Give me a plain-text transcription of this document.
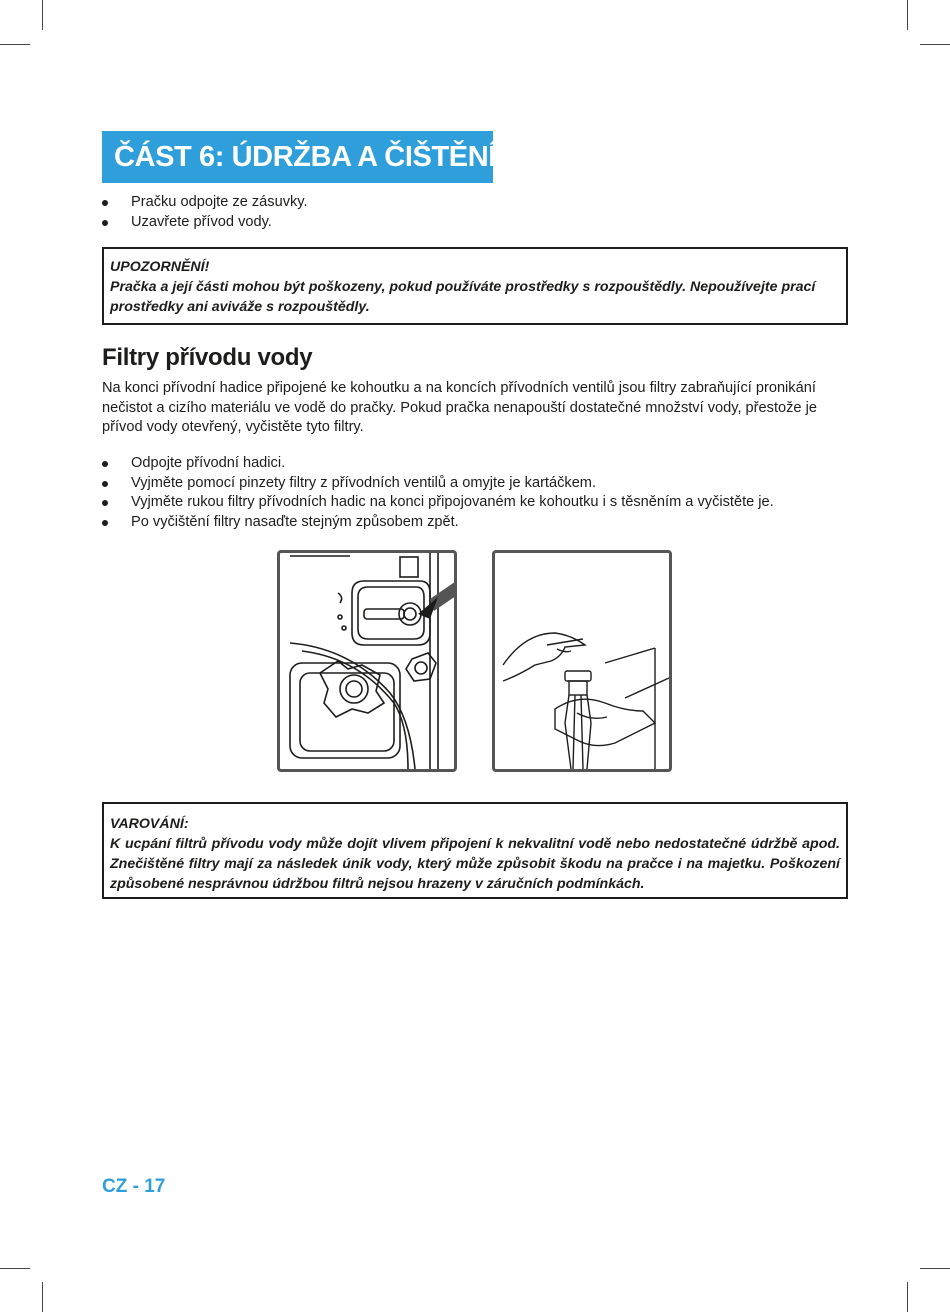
ČÁST 6: ÚDRŽBA A ČIŠTĚNÍ
Pračku odpojte ze zásuvky.
Uzavřete přívod vody.
UPOZORNĚNÍ!
Pračka a její části mohou být poškozeny, pokud používáte prostředky s rozpouštědly. Nepoužívejte prací prostředky ani aviváže s rozpouštědly.
Filtry přívodu vody

Na konci přívodní hadice připojené ke kohoutku a na koncích přívodních ventilů jsou filtry zabraňující pronikání nečistot a cizího materiálu ve vodě do pračky. Pokud pračka nenapouští dostatečné množství vody, přestože je přívod vody otevřený, vyčistěte tyto filtry.

Odpojte přívodní hadici.
Vyjměte pomocí pinzety filtry z přívodních ventilů a omyjte je kartáčkem.
Vyjměte rukou filtry přívodních hadic na konci připojovaném ke kohoutku i s těsněním a vyčistěte je.
Po vyčištění filtry nasaďte stejným způsobem zpět.
VAROVÁNÍ:
K ucpání filtrů přívodu vody může dojít vlivem připojení k nekvalitní vodě nebo nedostatečné údržbě apod. Znečištěné filtry mají za následek únik vody, který může způsobit škodu na pračce i na majetku. Poškození způsobené nesprávnou údržbou filtrů nejsou hrazeny v záručních podmínkách.
CZ - 17
